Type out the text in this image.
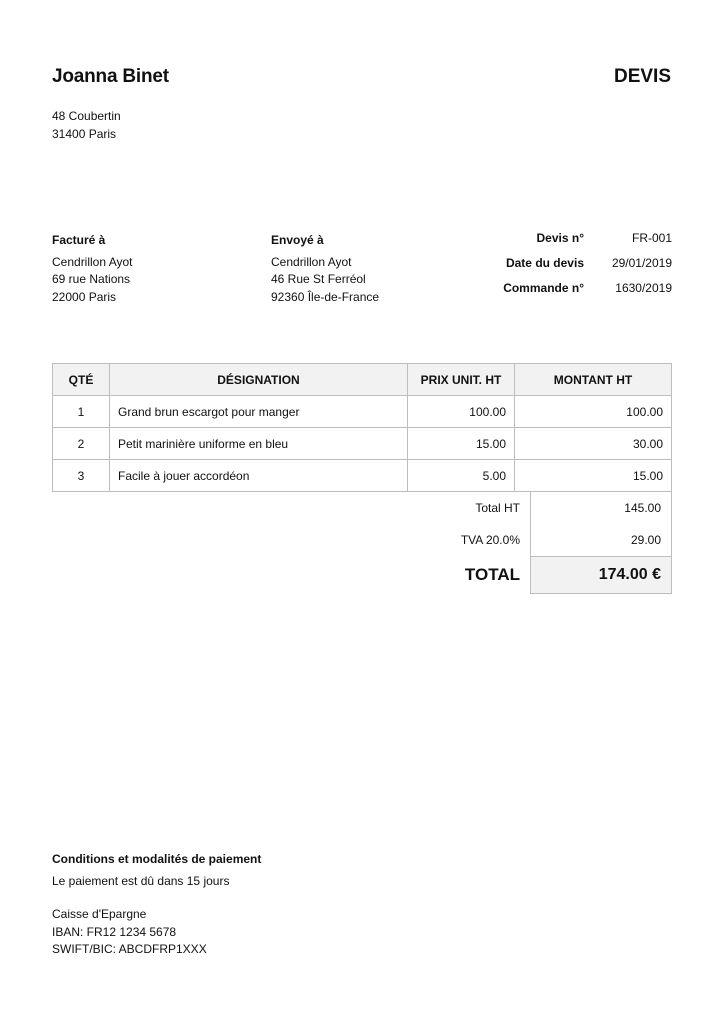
Joanna Binet	DEVIS
48 Coubertin
31400 Paris
Facturé à
Cendrillon Ayot
69 rue Nations
22000 Paris
Envoyé à
Cendrillon Ayot
46 Rue St Ferréol
92360 Île-de-France
Devis n°	FR-001
Date du devis	29/01/2019
Commande n°	1630/2019
QTÉ	DÉSIGNATION	PRIX UNIT. HT	MONTANT HT
1	Grand brun escargot pour manger	100.00	100.00
2	Petit marinière uniforme en bleu	15.00	30.00
3	Facile à jouer accordéon	5.00	15.00
Total HT	145.00
TVA 20.0%	29.00
TOTAL	174.00 €
Conditions et modalités de paiement
Le paiement est dû dans 15 jours
Caisse d'Epargne
IBAN: FR12 1234 5678
SWIFT/BIC: ABCDFRP1XXX
